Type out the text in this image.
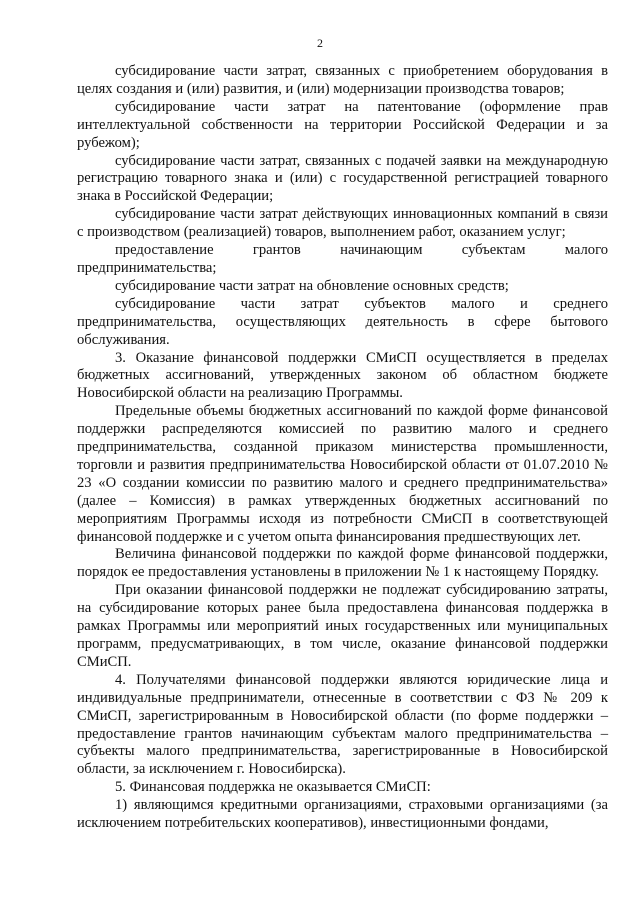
2

субсидирование части затрат, связанных с приобретением оборудования в целях создания и (или) развития, и (или) модернизации производства товаров;

субсидирование части затрат на патентование (оформление прав интеллектуальной собственности на территории Российской Федерации и за рубежом);

субсидирование части затрат, связанных с подачей заявки на международную регистрацию товарного знака и (или) с государственной регистрацией товарного знака в Российской Федерации;

субсидирование части затрат действующих инновационных компаний в связи с производством (реализацией) товаров, выполнением работ, оказанием услуг;

предоставление грантов начинающим субъектам малого предпринимательства;

субсидирование части затрат на обновление основных средств;

субсидирование части затрат субъектов малого и среднего предпринимательства, осуществляющих деятельность в сфере бытового обслуживания.

3. Оказание финансовой поддержки СМиСП осуществляется в пределах бюджетных ассигнований, утвержденных законом об областном бюджете Новосибирской области на реализацию Программы.

Предельные объемы бюджетных ассигнований по каждой форме финансовой поддержки распределяются комиссией по развитию малого и среднего предпринимательства, созданной приказом министерства промышленности, торговли и развития предпринимательства Новосибирской области от 01.07.2010 № 23 «О создании комиссии по развитию малого и среднего предпринимательства» (далее – Комиссия) в рамках утвержденных бюджетных ассигнований по мероприятиям Программы исходя из потребности СМиСП в соответствующей финансовой поддержке и с учетом опыта финансирования предшествующих лет.

Величина финансовой поддержки по каждой форме финансовой поддержки, порядок ее предоставления установлены в приложении № 1 к настоящему Порядку.

При оказании финансовой поддержки не подлежат субсидированию затраты, на субсидирование которых ранее была предоставлена финансовая поддержка в рамках Программы или мероприятий иных государственных или муниципальных программ, предусматривающих, в том числе, оказание финансовой поддержки СМиСП.

4. Получателями финансовой поддержки являются юридические лица и индивидуальные предприниматели, отнесенные в соответствии с ФЗ № 209 к СМиСП, зарегистрированным в Новосибирской области (по форме поддержки – предоставление грантов начинающим субъектам малого предпринимательства – субъекты малого предпринимательства, зарегистрированные в Новосибирской области, за исключением г. Новосибирска).

5. Финансовая поддержка не оказывается СМиСП:

1) являющимся кредитными организациями, страховыми организациями (за исключением потребительских кооперативов), инвестиционными фондами,
